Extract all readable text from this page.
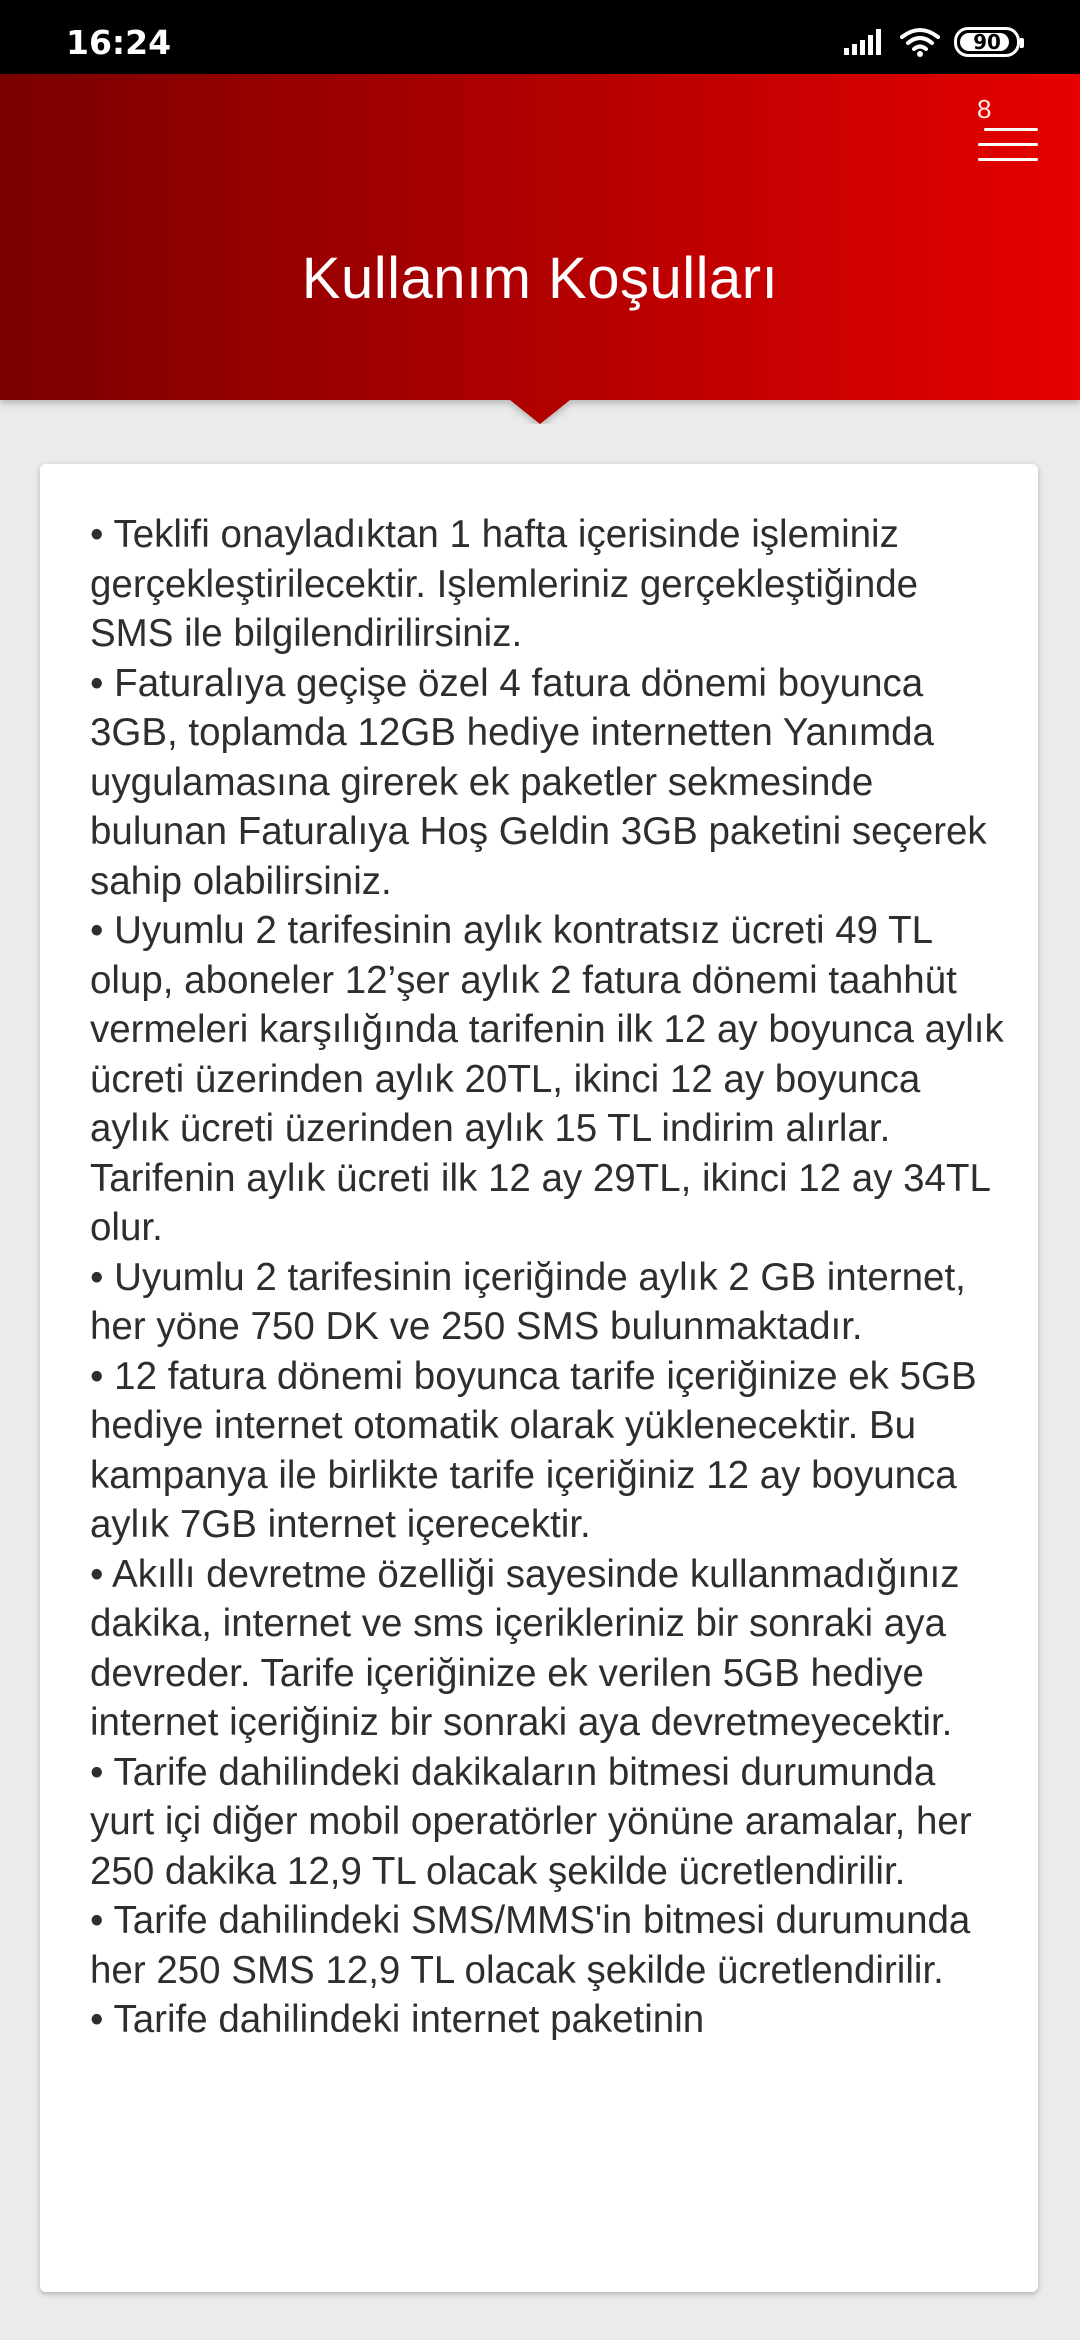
16:24	90
8
Kullanım Koşulları

• Teklifi onayladıktan 1 hafta içerisinde işleminiz gerçekleştirilecektir. Işlemleriniz gerçekleştiğinde SMS ile bilgilendirilirsiniz.

• Faturalıya geçişe özel 4 fatura dönemi boyunca 3GB, toplamda 12GB hediye internetten Yanımda uygulamasına girerek ek paketler sekmesinde bulunan Faturalıya Hoş Geldin 3GB paketini seçerek sahip olabilirsiniz.

• Uyumlu 2 tarifesinin aylık kontratsız ücreti 49 TL olup, aboneler 12’şer aylık 2 fatura dönemi taahhüt vermeleri karşılığında tarifenin ilk 12 ay boyunca aylık ücreti üzerinden aylık 20TL, ikinci 12 ay boyunca aylık ücreti üzerinden aylık 15 TL indirim alırlar. Tarifenin aylık ücreti ilk 12 ay 29TL, ikinci 12 ay 34TL olur.

• Uyumlu 2 tarifesinin içeriğinde aylık 2 GB internet, her yöne 750 DK ve 250 SMS bulunmaktadır.

• 12 fatura dönemi boyunca tarife içeriğinize ek 5GB hediye internet otomatik olarak yüklenecektir. Bu kampanya ile birlikte tarife içeriğiniz 12 ay boyunca aylık 7GB internet içerecektir.

• Akıllı devretme özelliği sayesinde kullanmadığınız dakika, internet ve sms içerikleriniz bir sonraki aya devreder. Tarife içeriğinize ek verilen 5GB hediye internet içeriğiniz bir sonraki aya devretmeyecektir.

• Tarife dahilindeki dakikaların bitmesi durumunda yurt içi diğer mobil operatörler yönüne aramalar, her 250 dakika 12,9 TL olacak şekilde ücretlendirilir.

• Tarife dahilindeki SMS/MMS'in bitmesi durumunda her 250 SMS 12,9 TL olacak şekilde ücretlendirilir.

• Tarife dahilindeki internet paketinin
